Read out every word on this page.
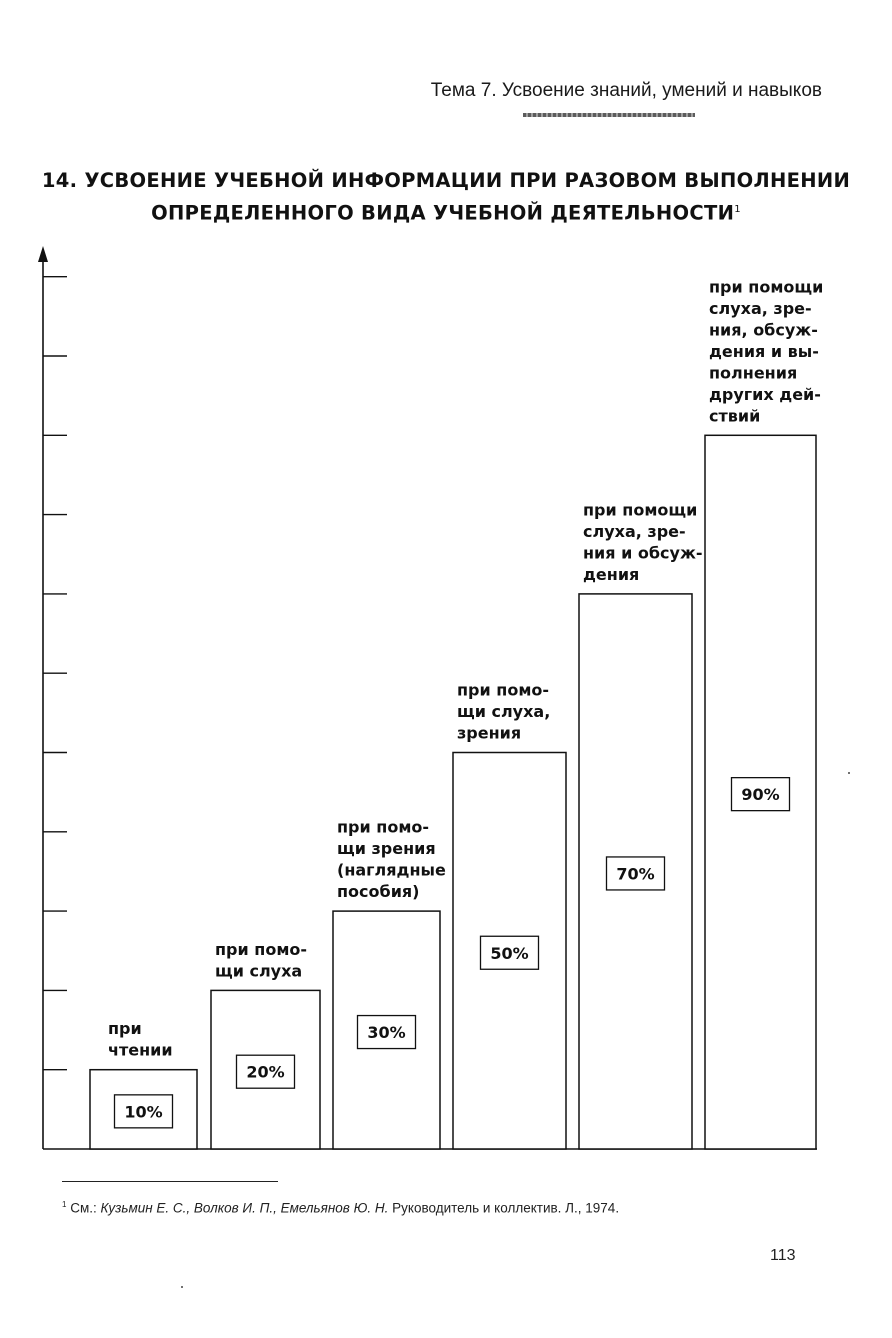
Тема 7. Усвоение знаний, умений и навыков
14. УСВОЕНИЕ УЧЕБНОЙ ИНФОРМАЦИИ ПРИ РАЗОВОМ ВЫПОЛНЕНИИ
ОПРЕДЕЛЕННОГО ВИДА УЧЕБНОЙ ДЕЯТЕЛЬНОСТИ$^1$
10%
при
чтении
20%
при помо-
щи слуха
30%
при помо-
щи зрения
(наглядные
пособия)
50%
при помо-
щи слуха,
зрения
70%
при помощи
слуха, зре-
ния и обсуж-
дения
90%
при помощи
слуха, зре-
ния, обсуж-
дения и вы-
полнения
других дей-
ствий
$^1$ См.: Кузьмин Е. С., Волков И. П., Емельянов Ю. Н. Руководитель и коллектив. Л., 1974.
113
